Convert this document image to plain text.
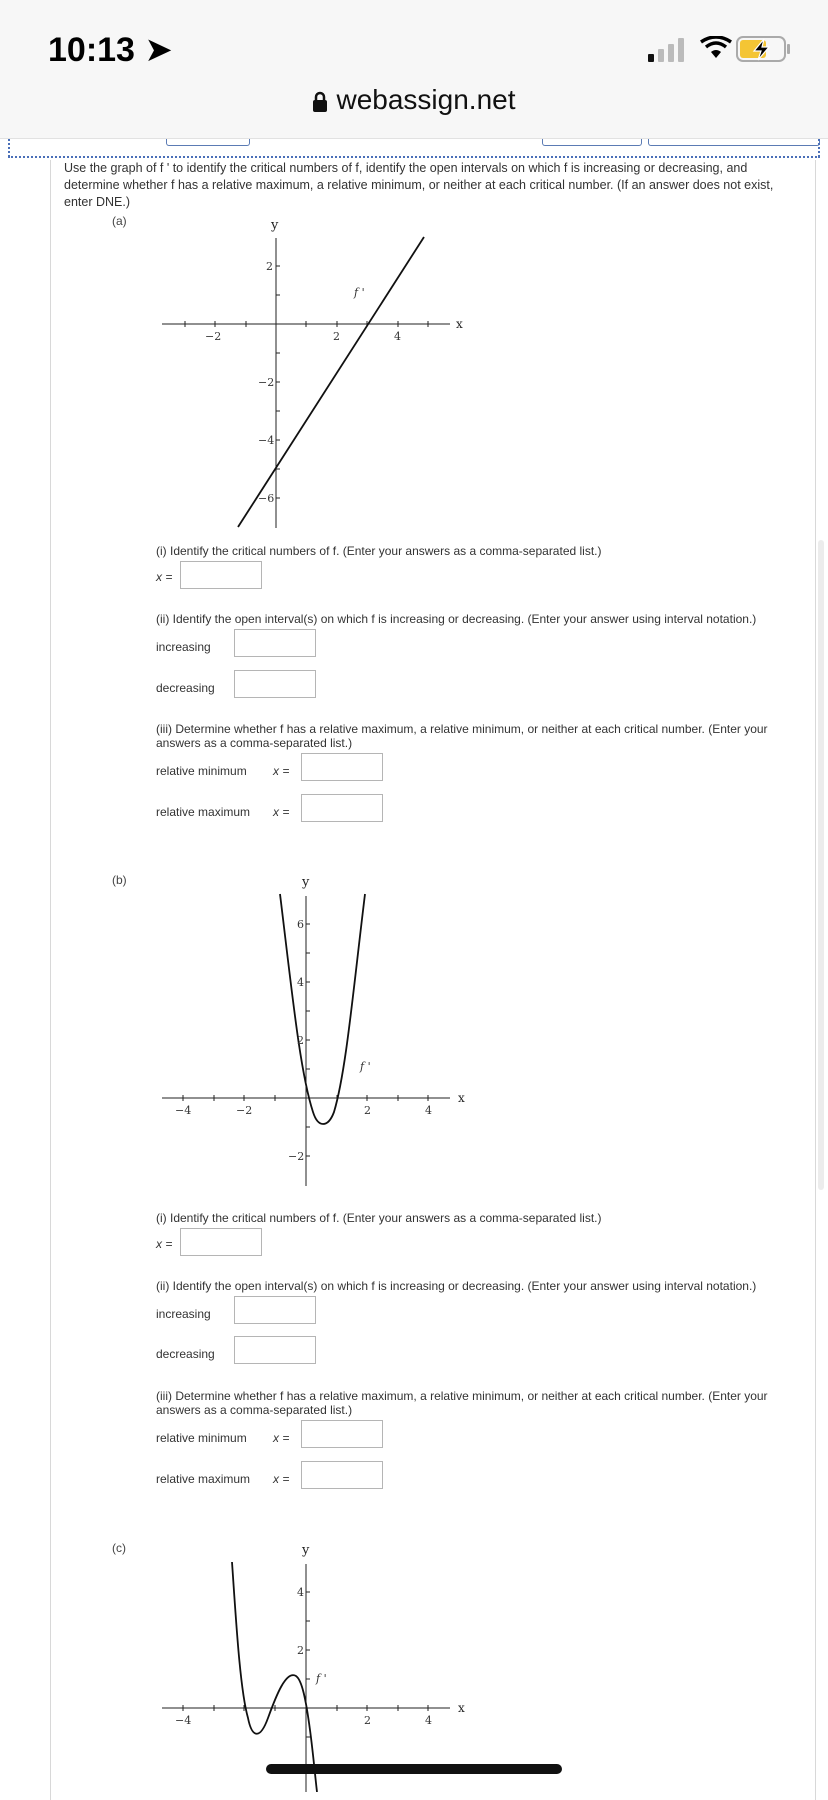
10:13 ➤
webassign.net
Use the graph of f ' to identify the critical numbers of f, identify the open intervals on which f is increasing or decreasing, and determine whether f has a relative maximum, a relative minimum, or neither at each critical number. (If an answer does not exist, enter DNE.)
(a)
x
y
f '
−2	2	4
2
−2
−4
−6
(i) Identify the critical numbers of f. (Enter your answers as a comma-separated list.)
x =
(ii) Identify the open interval(s) on which f is increasing or decreasing. (Enter your answer using interval notation.)
increasing
decreasing
(iii) Determine whether f has a relative maximum, a relative minimum, or neither at each critical number. (Enter your answers as a comma-separated list.)
relative minimum x =
relative maximum x =
(b)
x
y
f '
−4	−2	2	4
6
4
2
−2
(i) Identify the critical numbers of f. (Enter your answers as a comma-separated list.)
x =
(ii) Identify the open interval(s) on which f is increasing or decreasing. (Enter your answer using interval notation.)
increasing
decreasing
(iii) Determine whether f has a relative maximum, a relative minimum, or neither at each critical number. (Enter your answers as a comma-separated list.)
relative minimum x =
relative maximum x =
(c)
x
y
f '
−4	2	4
4
2
